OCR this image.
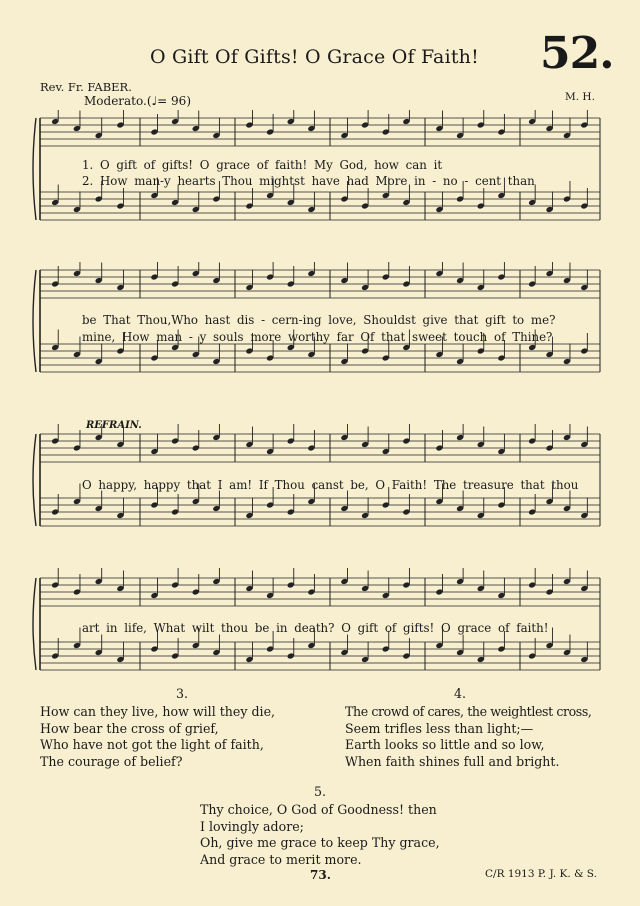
O Gift Of Gifts! O Grace Of Faith!	52.
Rev. Fr. FABER.
Moderato.(♩= 96)	M. H.
1. O gift of gifts! O grace of faith! My God, how can it
2. How man-y hearts Thou mightst have had More in - no - cent than
be That Thou,Who hast dis - cern-ing love, Shouldst give that gift to me?
mine, How man - y souls more worthy far Of that sweet touch of Thine?
REFRAIN.
O happy, happy that I am! If Thou canst be, O Faith! The treasure that thou
art in life, What wilt thou be in death? O gift of gifts! O grace of faith!
3.
How can they live, how will they die,
How bear the cross of grief,
Who have not got the light of faith,
The courage of belief?
4.
The crowd of cares, the weightlest cross,
Seem trifles less than light;—
Earth looks so little and so low,
When faith shines full and bright.
5.
Thy choice, O God of Goodness! then
I lovingly adore;
Oh, give me grace to keep Thy grace,
And grace to merit more.
73.	C/R 1913 P. J. K. & S.
